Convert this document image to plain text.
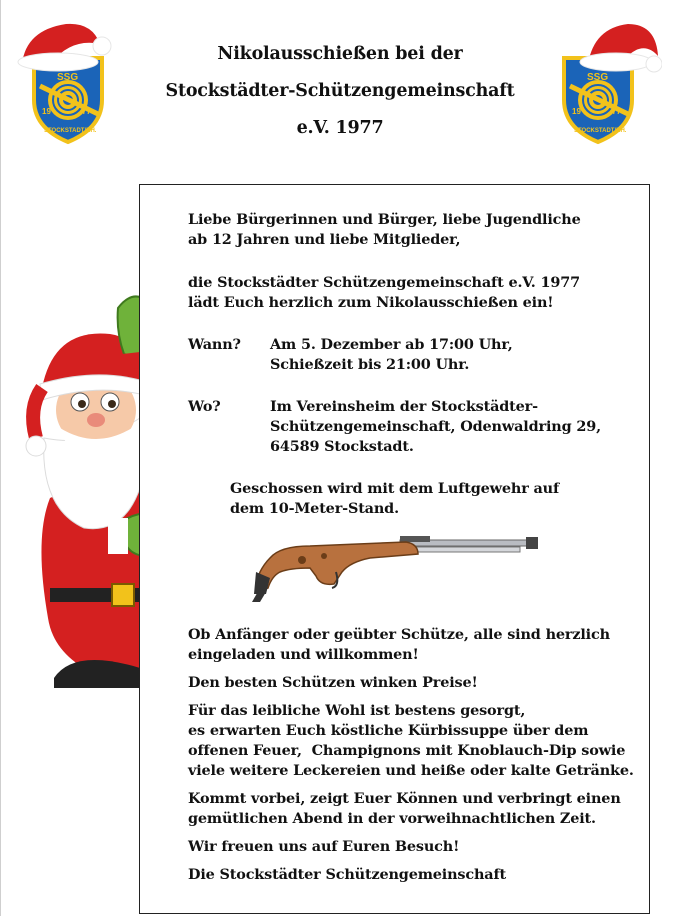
Nikolausschießen bei der
Stockstädter-Schützengemeinschaft
e.V. 1977
SSG
19	77
STOCKSTADT/RH.
SSG
19	77
STOCKSTADT/RH.

Liebe Bürgerinnen und Bürger, liebe Jugendliche

ab 12 Jahren und liebe Mitglieder,

die Stockstädter Schützengemeinschaft e.V. 1977

lädt Euch herzlich zum Nikolausschießen ein!

Wann?	Am 5. Dezember ab 17:00 Uhr,

Schießzeit bis 21:00 Uhr.

Wo?	Im Vereinsheim der Stockstädter-

Schützengemeinschaft, Odenwaldring 29,

64589 Stockstadt.

Geschossen wird mit dem Luftgewehr auf

dem 10-Meter-Stand.

Ob Anfänger oder geübter Schütze, alle sind herzlich

eingeladen und willkommen!

Den besten Schützen winken Preise!

Für das leibliche Wohl ist bestens gesorgt,

es erwarten Euch köstliche Kürbissuppe über dem

offenen Feuer,  Champignons mit Knoblauch-Dip sowie

viele weitere Leckereien und heiße oder kalte Getränke.

Kommt vorbei, zeigt Euer Können und verbringt einen

gemütlichen Abend in der vorweihnachtlichen Zeit.

Wir freuen uns auf Euren Besuch!

Die Stockstädter Schützengemeinschaft
